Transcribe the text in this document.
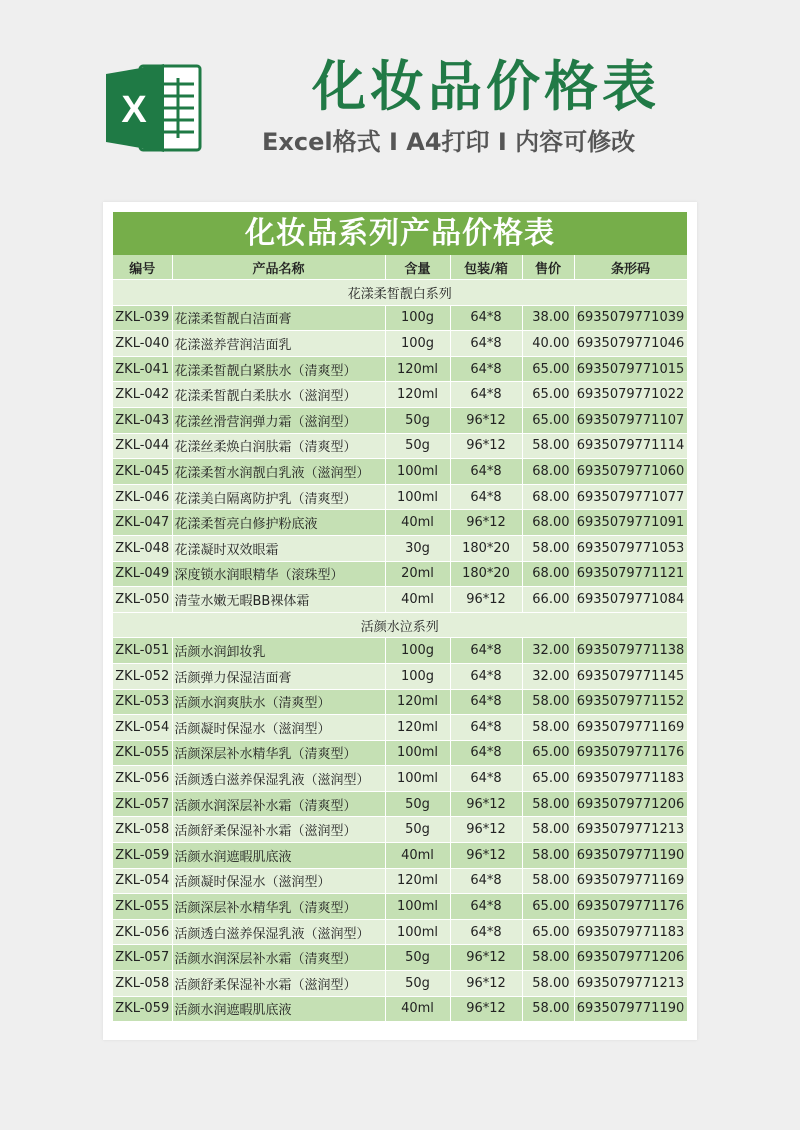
X	化妆品价格表
Excel格式 I A4打印 I 内容可修改
化妆品系列产品价格表
编号	产品名称	含量	包装/箱	售价	条形码
花漾柔皙靓白系列					
ZKL-039	花漾柔皙靓白洁面膏	100g	64*8	38.00	6935079771039
ZKL-040	花漾滋养营润洁面乳	100g	64*8	40.00	6935079771046
ZKL-041	花漾柔皙靓白紧肤水（清爽型）	120ml	64*8	65.00	6935079771015
ZKL-042	花漾柔皙靓白柔肤水（滋润型）	120ml	64*8	65.00	6935079771022
ZKL-043	花漾丝滑营润弹力霜（滋润型）	50g	96*12	65.00	6935079771107
ZKL-044	花漾丝柔焕白润肤霜（清爽型）	50g	96*12	58.00	6935079771114
ZKL-045	花漾柔皙水润靓白乳液（滋润型）	100ml	64*8	68.00	6935079771060
ZKL-046	花漾美白隔离防护乳（清爽型）	100ml	64*8	68.00	6935079771077
ZKL-047	花漾柔皙亮白修护粉底液	40ml	96*12	68.00	6935079771091
ZKL-048	花漾凝时双效眼霜	30g	180*20	58.00	6935079771053
ZKL-049	深度锁水润眼精华（滚珠型）	20ml	180*20	68.00	6935079771121
ZKL-050	清莹水嫩无暇BB裸体霜	40ml	96*12	66.00	6935079771084
活颜水泣系列					
ZKL-051	活颜水润卸妆乳	100g	64*8	32.00	6935079771138
ZKL-052	活颜弹力保湿洁面膏	100g	64*8	32.00	6935079771145
ZKL-053	活颜水润爽肤水（清爽型）	120ml	64*8	58.00	6935079771152
ZKL-054	活颜凝时保湿水（滋润型）	120ml	64*8	58.00	6935079771169
ZKL-055	活颜深层补水精华乳（清爽型）	100ml	64*8	65.00	6935079771176
ZKL-056	活颜透白滋养保湿乳液（滋润型）	100ml	64*8	65.00	6935079771183
ZKL-057	活颜水润深层补水霜（清爽型）	50g	96*12	58.00	6935079771206
ZKL-058	活颜舒柔保湿补水霜（滋润型）	50g	96*12	58.00	6935079771213
ZKL-059	活颜水润遮暇肌底液	40ml	96*12	58.00	6935079771190
ZKL-054	活颜凝时保湿水（滋润型）	120ml	64*8	58.00	6935079771169
ZKL-055	活颜深层补水精华乳（清爽型）	100ml	64*8	65.00	6935079771176
ZKL-056	活颜透白滋养保湿乳液（滋润型）	100ml	64*8	65.00	6935079771183
ZKL-057	活颜水润深层补水霜（清爽型）	50g	96*12	58.00	6935079771206
ZKL-058	活颜舒柔保湿补水霜（滋润型）	50g	96*12	58.00	6935079771213
ZKL-059	活颜水润遮暇肌底液	40ml	96*12	58.00	6935079771190
